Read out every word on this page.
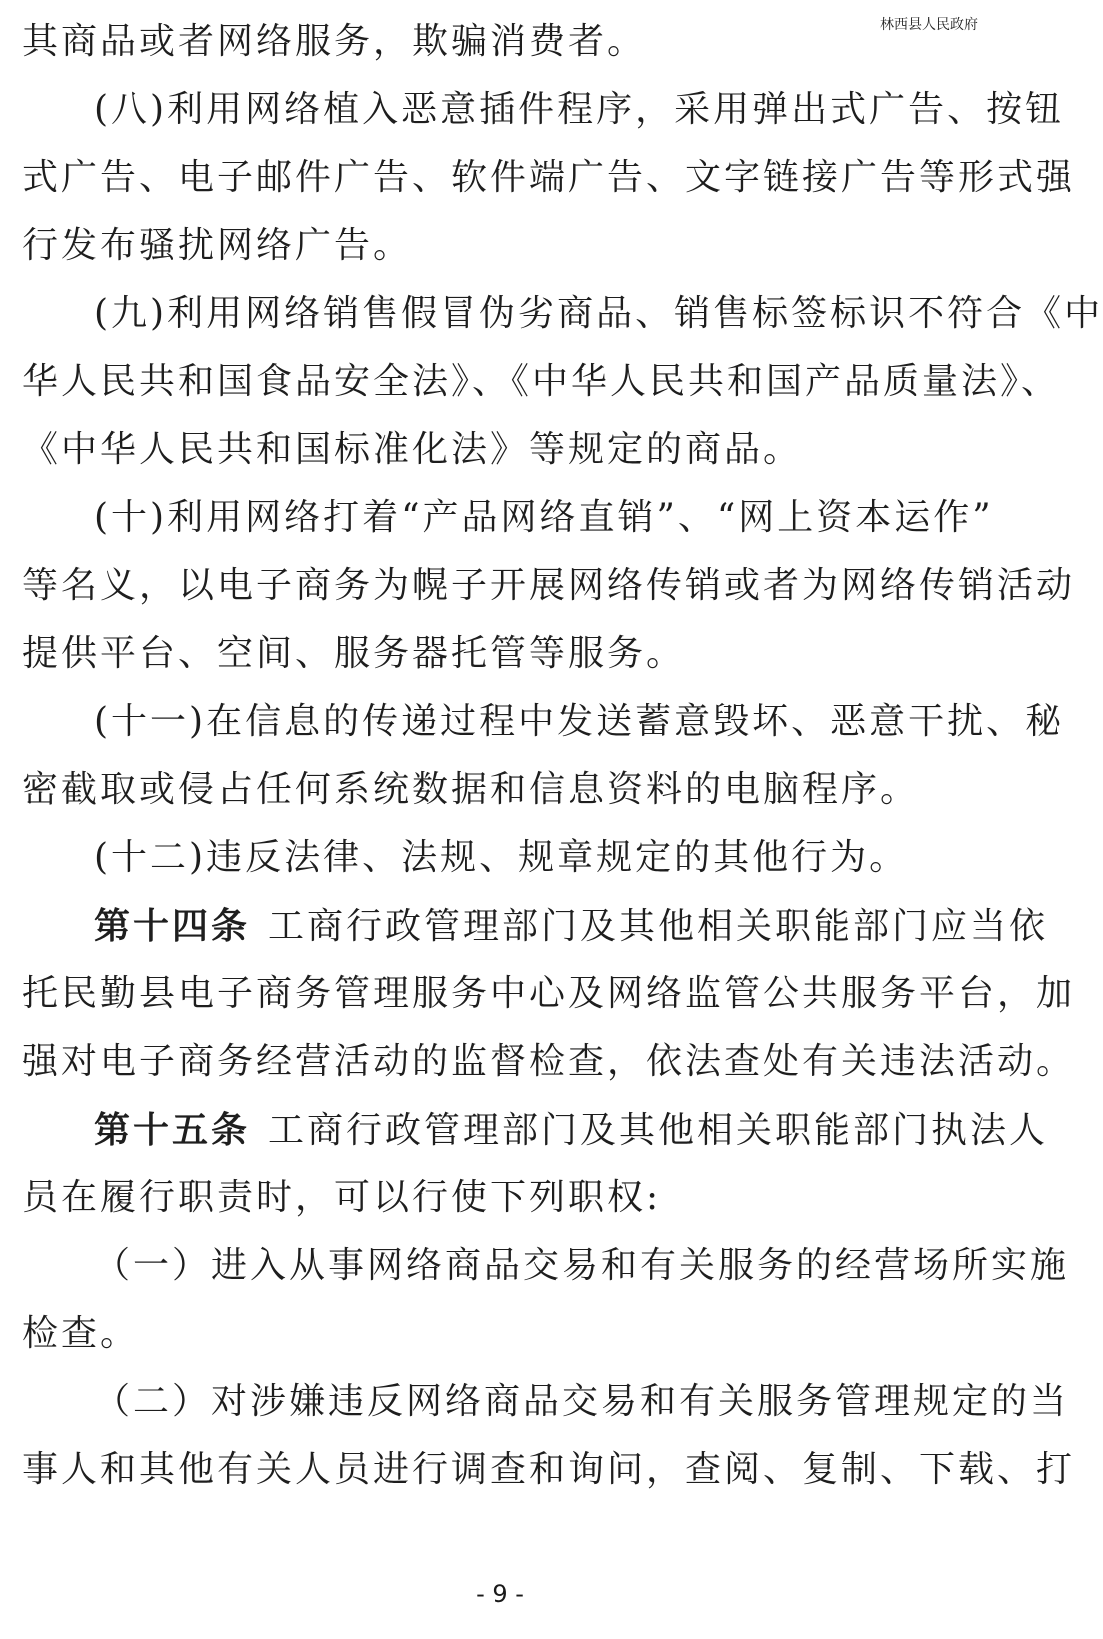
林西县人民政府
其商品或者网络服务，欺骗消费者。
(八)利用网络植入恶意插件程序，采用弹出式广告、按钮
式广告、电子邮件广告、软件端广告、文字链接广告等形式强
行发布骚扰网络广告。
(九)利用网络销售假冒伪劣商品、销售标签标识不符合《中
华人民共和国食品安全法》、《中华人民共和国产品质量法》、
《中华人民共和国标准化法》等规定的商品。
(十)利用网络打着“产品网络直销”、“网上资本运作”
等名义，以电子商务为幌子开展网络传销或者为网络传销活动
提供平台、空间、服务器托管等服务。
(十一)在信息的传递过程中发送蓄意毁坏、恶意干扰、秘
密截取或侵占任何系统数据和信息资料的电脑程序。
(十二)违反法律、法规、规章规定的其他行为。
第十四条 工商行政管理部门及其他相关职能部门应当依
托民勤县电子商务管理服务中心及网络监管公共服务平台，加
强对电子商务经营活动的监督检查，依法查处有关违法活动。
第十五条 工商行政管理部门及其他相关职能部门执法人
员在履行职责时，可以行使下列职权:
（一）进入从事网络商品交易和有关服务的经营场所实施
检查。
（二）对涉嫌违反网络商品交易和有关服务管理规定的当
事人和其他有关人员进行调查和询问，查阅、复制、下载、打
- 9 -
